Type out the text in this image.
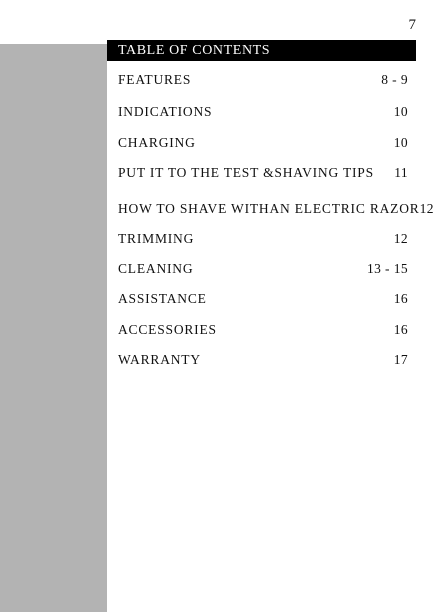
7
TABLE OF CONTENTS
FEATURES	8 - 9
INDICATIONS	10
CHARGING	10
PUT IT TO THE TEST &SHAVING TIPS 11
HOW TO SHAVE WITHAN ELECTRIC RAZOR 12
TRIMMING	12
CLEANING	13 - 15
ASSISTANCE	16
ACCESSORIES	16
WARRANTY	17
